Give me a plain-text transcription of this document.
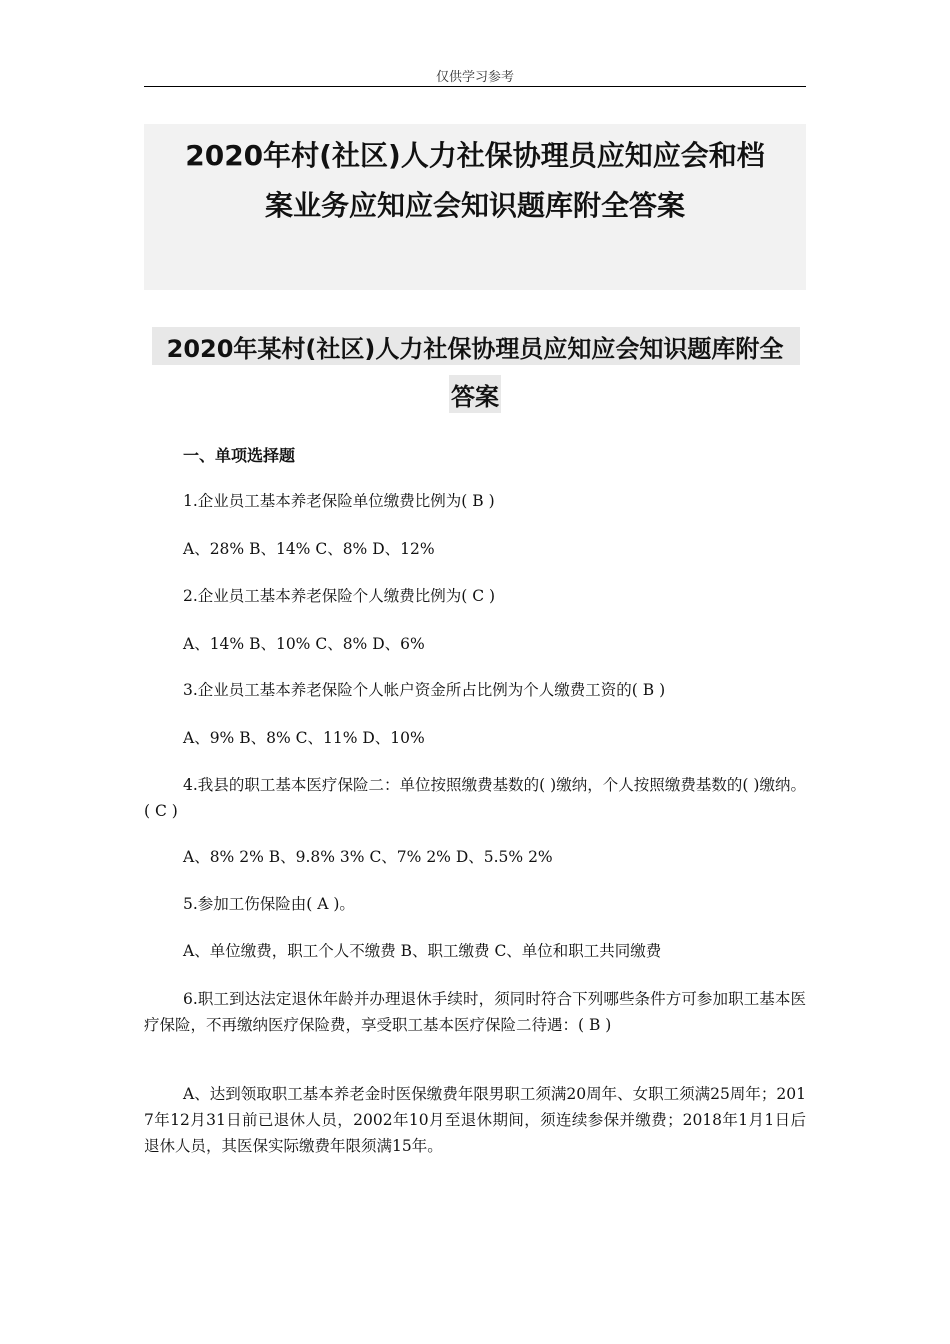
仅供学习参考
2020年村(社区)人力社保协理员应知应会和档
案业务应知应会知识题库附全答案
2020年某村(社区)人力社保协理员应知应会知识题库附全
答案
一、单项选择题
1.企业员工基本养老保险单位缴费比例为( B )
A、28% B、14% C、8% D、12%
2.企业员工基本养老保险个人缴费比例为( C )
A、14% B、10% C、8% D、6%
3.企业员工基本养老保险个人帐户资金所占比例为个人缴费工资的( B )
A、9% B、8% C、11% D、10%
4.我县的职工基本医疗保险二：单位按照缴费基数的( )缴纳，个人按照缴费基数的( )缴纳。( C )
A、8% 2% B、9.8% 3% C、7% 2% D、5.5% 2%
5.参加工伤保险由( A )。
A、单位缴费，职工个人不缴费 B、职工缴费 C、单位和职工共同缴费
6.职工到达法定退休年龄并办理退休手续时，须同时符合下列哪些条件方可参加职工基本医疗保险，不再缴纳医疗保险费，享受职工基本医疗保险二待遇：( B )
A、达到领取职工基本养老金时医保缴费年限男职工须满20周年、女职工须满25周年；2017年12月31日前已退休人员，2002年10月至退休期间，须连续参保并缴费；2018年1月1日后退休人员，其医保实际缴费年限须满15年。
